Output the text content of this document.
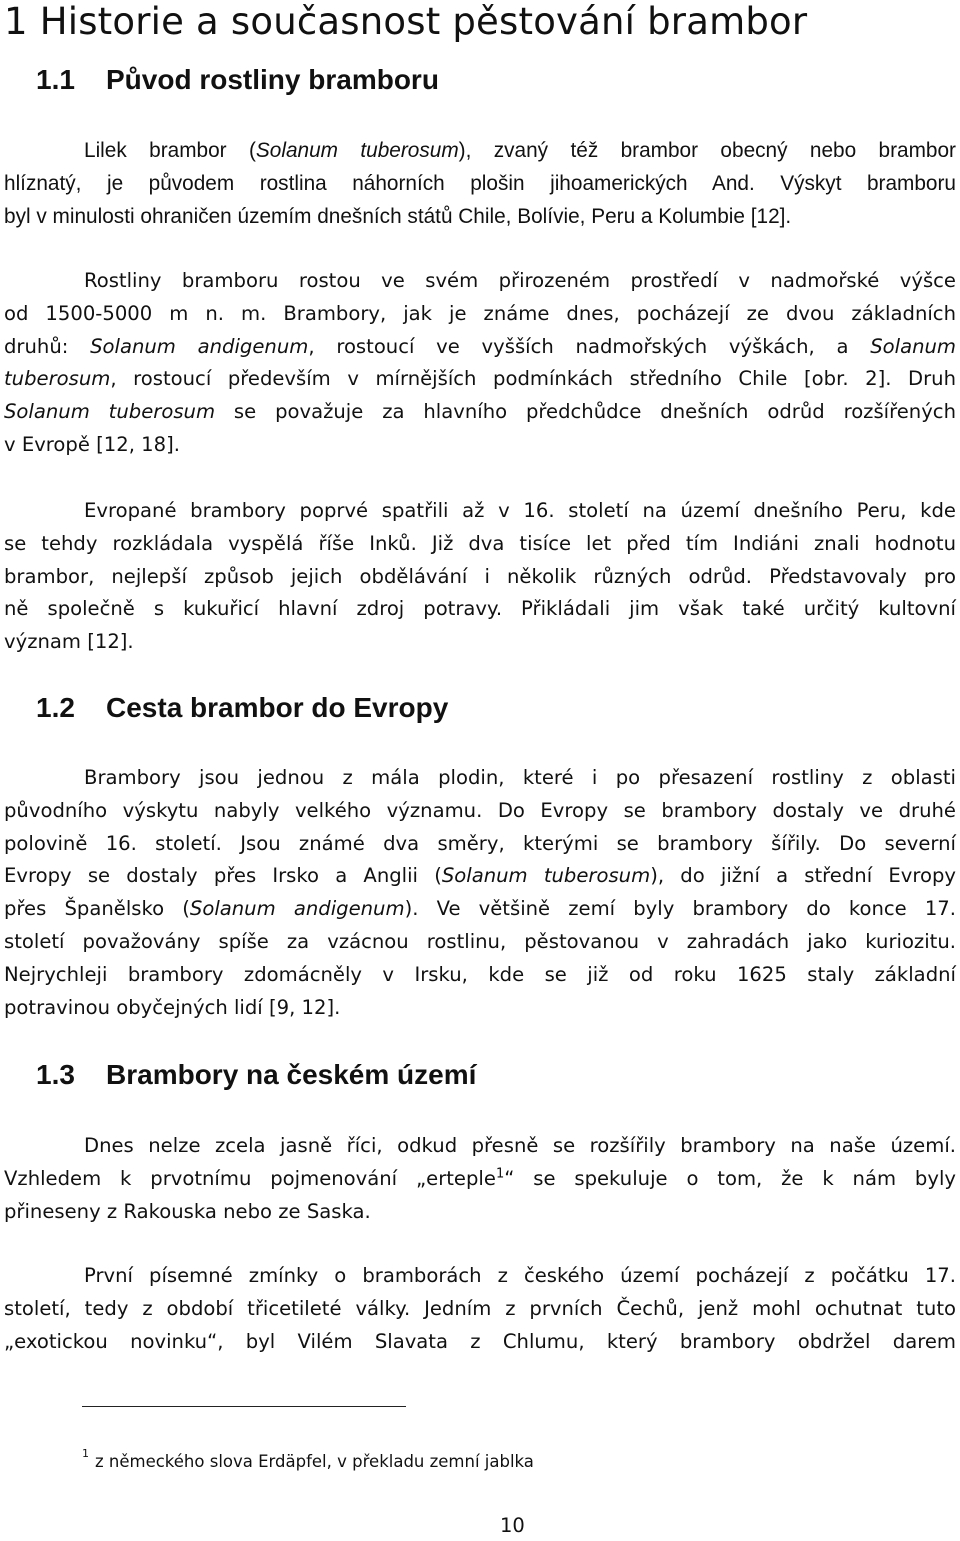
1 Historie a současnost pěstování brambor
1.1 Původ rostliny bramboru
Lilek brambor (Solanum tuberosum), zvaný též brambor obecný nebo brambor
hlíznatý, je původem rostlina náhorních plošin jihoamerických And. Výskyt bramboru
byl v minulosti ohraničen územím dnešních států Chile, Bolívie, Peru a Kolumbie [12].
Rostliny bramboru rostou ve svém přirozeném prostředí v nadmořské výšce
od 1500-5000 m n. m. Brambory, jak je známe dnes, pocházejí ze dvou základních
druhů: Solanum andigenum, rostoucí ve vyšších nadmořských výškách, a Solanum
tuberosum, rostoucí především v mírnějších podmínkách středního Chile [obr. 2]. Druh
Solanum tuberosum se považuje za hlavního předchůdce dnešních odrůd rozšířených
v Evropě [12, 18].
Evropané brambory poprvé spatřili až v 16. století na území dnešního Peru, kde
se tehdy rozkládala vyspělá říše Inků. Již dva tisíce let před tím Indiáni znali hodnotu
brambor, nejlepší způsob jejich obdělávání i několik různých odrůd. Představovaly pro
ně společně s kukuřicí hlavní zdroj potravy. Přikládali jim však také určitý kultovní
význam [12].
1.2 Cesta brambor do Evropy
Brambory jsou jednou z mála plodin, které i po přesazení rostliny z oblasti
původního výskytu nabyly velkého významu. Do Evropy se brambory dostaly ve druhé
polovině 16. století. Jsou známé dva směry, kterými se brambory šířily. Do severní
Evropy se dostaly přes Irsko a Anglii (Solanum tuberosum), do jižní a střední Evropy
přes Španělsko (Solanum andigenum). Ve většině zemí byly brambory do konce 17.
století považovány spíše za vzácnou rostlinu, pěstovanou v zahradách jako kuriozitu.
Nejrychleji brambory zdomácněly v Irsku, kde se již od roku 1625 staly základní
potravinou obyčejných lidí [9, 12].
1.3 Brambory na českém území
Dnes nelze zcela jasně říci, odkud přesně se rozšířily brambory na naše území.
Vzhledem k prvotnímu pojmenování „erteple$^1$“ se spekuluje o tom, že k nám byly
přineseny z Rakouska nebo ze Saska.
První písemné zmínky o bramborách z českého území pocházejí z počátku 17.
století, tedy z období třicetileté války. Jedním z prvních Čechů, jenž mohl ochutnat tuto
„exotickou novinku“, byl Vilém Slavata z Chlumu, který brambory obdržel darem
$^1$ z německého slova Erdäpfel, v překladu zemní jablka
10
